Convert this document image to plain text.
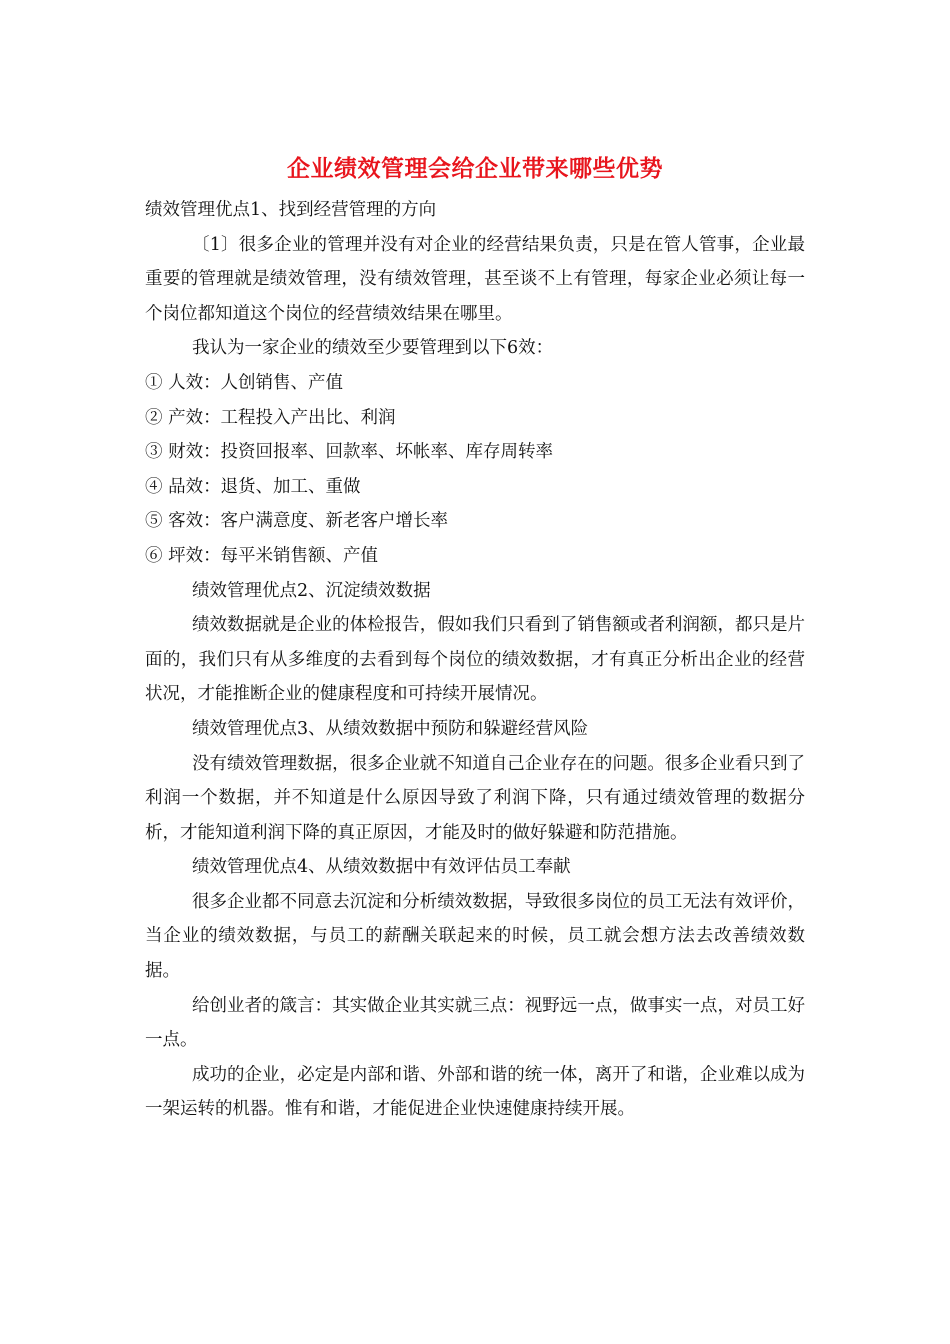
企业绩效管理会给企业带来哪些优势

绩效管理优点1、找到经营管理的方向

〔1〕很多企业的管理并没有对企业的经营结果负责，只是在管人管事，企业最重要的管理就是绩效管理，没有绩效管理，甚至谈不上有管理，每家企业必须让每一个岗位都知道这个岗位的经营绩效结果在哪里。

我认为一家企业的绩效至少要管理到以下6效：

① 人效：人创销售、产值

② 产效：工程投入产出比、利润

③ 财效：投资回报率、回款率、坏帐率、库存周转率

④ 品效：退货、加工、重做

⑤ 客效：客户满意度、新老客户增长率

⑥ 坪效：每平米销售额、产值

绩效管理优点2、沉淀绩效数据

绩效数据就是企业的体检报告，假如我们只看到了销售额或者利润额，都只是片面的，我们只有从多维度的去看到每个岗位的绩效数据，才有真正分析出企业的经营状况，才能推断企业的健康程度和可持续开展情况。

绩效管理优点3、从绩效数据中预防和躲避经营风险

没有绩效管理数据，很多企业就不知道自己企业存在的问题。很多企业看只到了利润一个数据，并不知道是什么原因导致了利润下降，只有通过绩效管理的数据分析，才能知道利润下降的真正原因，才能及时的做好躲避和防范措施。

绩效管理优点4、从绩效数据中有效评估员工奉献

很多企业都不同意去沉淀和分析绩效数据，导致很多岗位的员工无法有效评价，当企业的绩效数据，与员工的薪酬关联起来的时候，员工就会想方法去改善绩效数据。

给创业者的箴言：其实做企业其实就三点：视野远一点，做事实一点，对员工好一点。

成功的企业，必定是内部和谐、外部和谐的统一体，离开了和谐，企业难以成为一架运转的机器。惟有和谐，才能促进企业快速健康持续开展。
